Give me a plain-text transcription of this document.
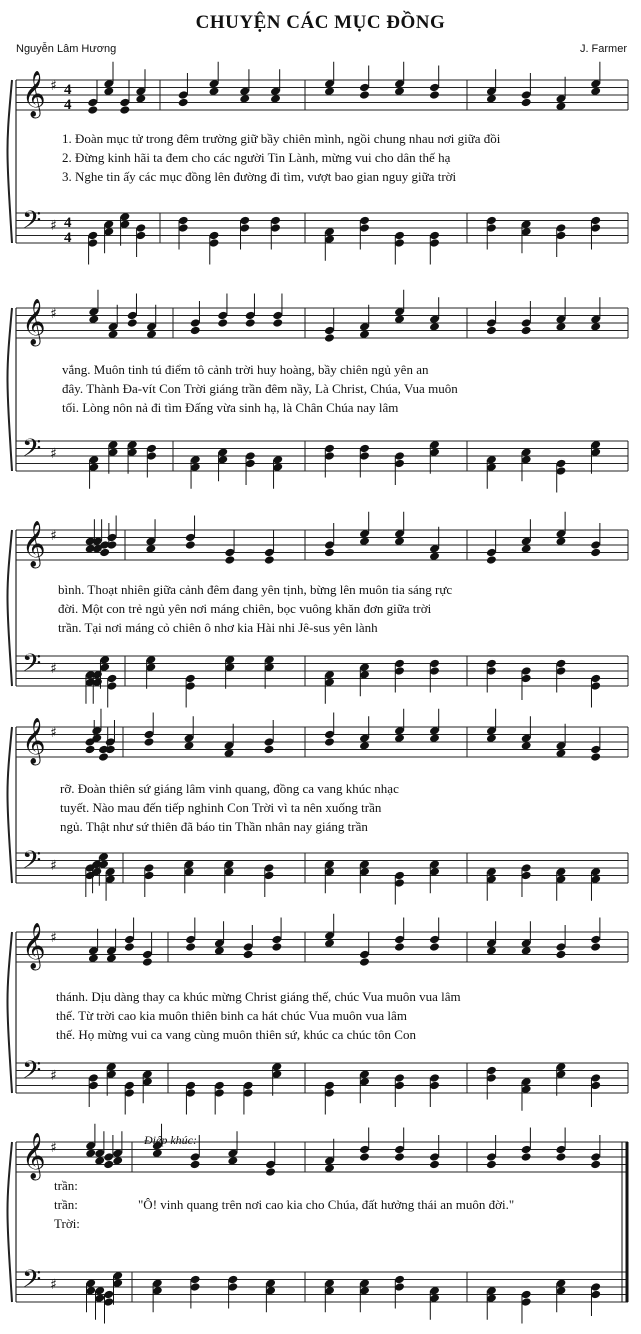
CHUYỆN CÁC MỤC ĐỒNG
Nguyễn Lâm Hương	J. Farmer
𝄞 ♯ 4
4
𝄢 ♯ 4
4
𝄞 ♯
𝄢 ♯
𝄞 ♯
𝄢 ♯
𝄞 ♯
𝄢 ♯
𝄞 ♯
𝄢 ♯
𝄞 ♯
𝄢 ♯
1. Đoàn mục tử trong đêm trường giữ bầy chiên mình, ngồi chung nhau nơi giữa đồi
2. Đừng kinh hãi ta đem cho các người Tin Lành, mừng vui cho dân thế hạ
3. Nghe tin ấy các mục đồng lên đường đi tìm, vượt bao gian nguy giữa trời
vắng. Muôn tinh tú điểm tô cảnh trời huy hoàng, bầy chiên ngủ yên an
đây. Thành Đa-vít Con Trời giáng trần đêm nầy, Là Christ, Chúa, Vua muôn
tối. Lòng nôn nả đi tìm Đấng vừa sinh hạ, là Chân Chúa nay lâm
bình. Thoạt nhiên giữa cảnh đêm đang yên tịnh, bừng lên muôn tia sáng rực
đời. Một con trẻ ngủ yên nơi máng chiên, bọc vuông khăn đơn giữa trời
trần. Tại nơi máng cỏ chiên ô nhơ kia Hài nhi Jê-sus yên lành
rỡ. Đoàn thiên sứ giáng lâm vinh quang, đồng ca vang khúc nhạc
tuyết. Nào mau đến tiếp nghinh Con Trời vì ta nên xuống trần
ngủ. Thật như sứ thiên đã báo tin Thần nhân nay giáng trần
thánh. Dịu dàng thay ca khúc mừng Christ giáng thế, chúc Vua muôn vua lâm
thế. Từ trời cao kia muôn thiên binh ca hát chúc Vua muôn vua lâm
thế. Họ mừng vui ca vang cùng muôn thiên sứ, khúc ca chúc tôn Con
Điệp khúc:
trần:
trần:
Trời:
"Ô! vinh quang trên nơi cao kia cho Chúa, đất hưởng thái an muôn đời."
